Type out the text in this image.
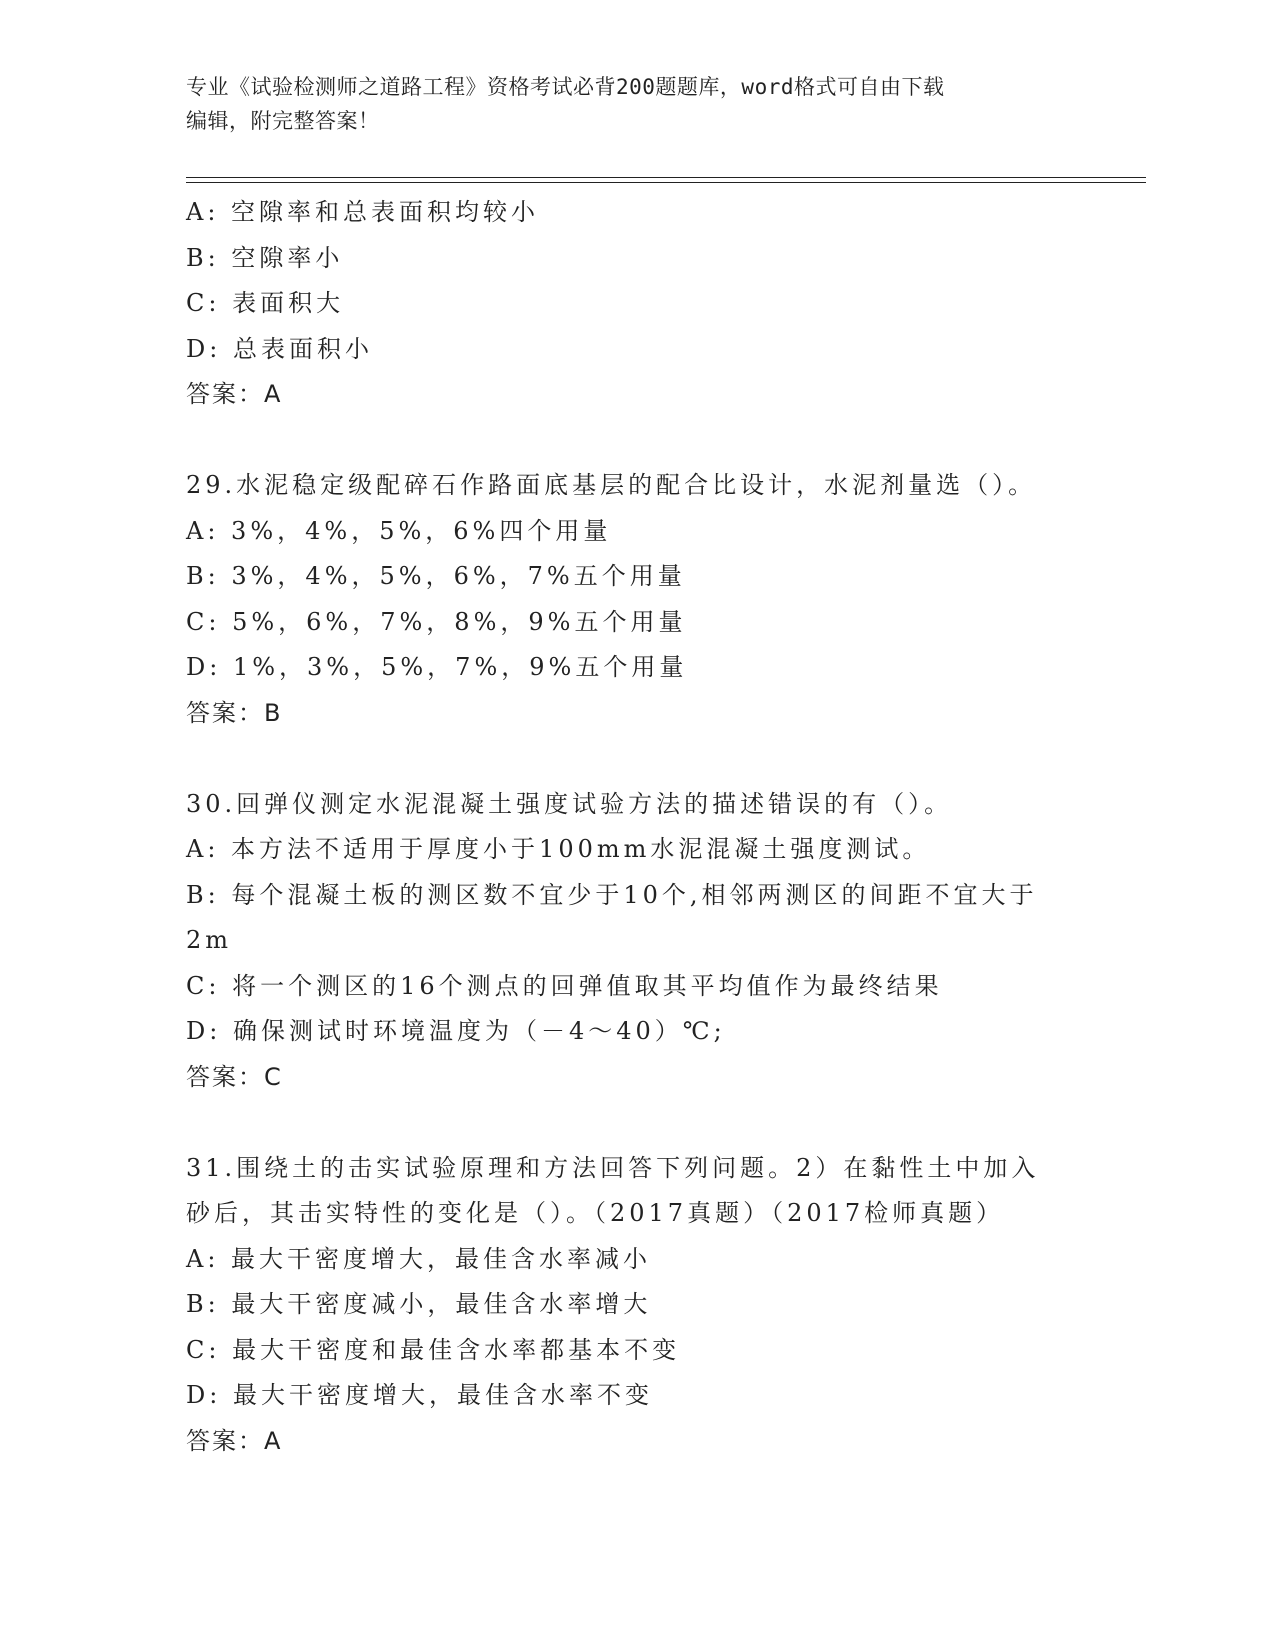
专业《试验检测师之道路工程》资格考试必背200题题库，word格式可自由下载
编辑，附完整答案！
A: 空隙率和总表面积均较小
B: 空隙率小
C: 表面积大
D: 总表面积小
答案：A
29.水泥稳定级配碎石作路面底基层的配合比设计，水泥剂量选（）。
A: 3%，4%，5%，6%四个用量
B: 3%，4%，5%，6%，7%五个用量
C: 5%，6%，7%，8%，9%五个用量
D: 1%，3%，5%，7%，9%五个用量
答案：B
30.回弹仪测定水泥混凝土强度试验方法的描述错误的有（）。
A: 本方法不适用于厚度小于100mm水泥混凝土强度测试。
B: 每个混凝土板的测区数不宜少于10个,相邻两测区的间距不宜大于
2m
C: 将一个测区的16个测点的回弹值取其平均值作为最终结果
D: 确保测试时环境温度为（－4～40）℃;
答案：C
31.围绕土的击实试验原理和方法回答下列问题。2）在黏性土中加入
砂后，其击实特性的变化是（）。（2017真题）（2017检师真题）
A: 最大干密度增大，最佳含水率减小
B: 最大干密度减小，最佳含水率增大
C: 最大干密度和最佳含水率都基本不变
D: 最大干密度增大，最佳含水率不变
答案：A
